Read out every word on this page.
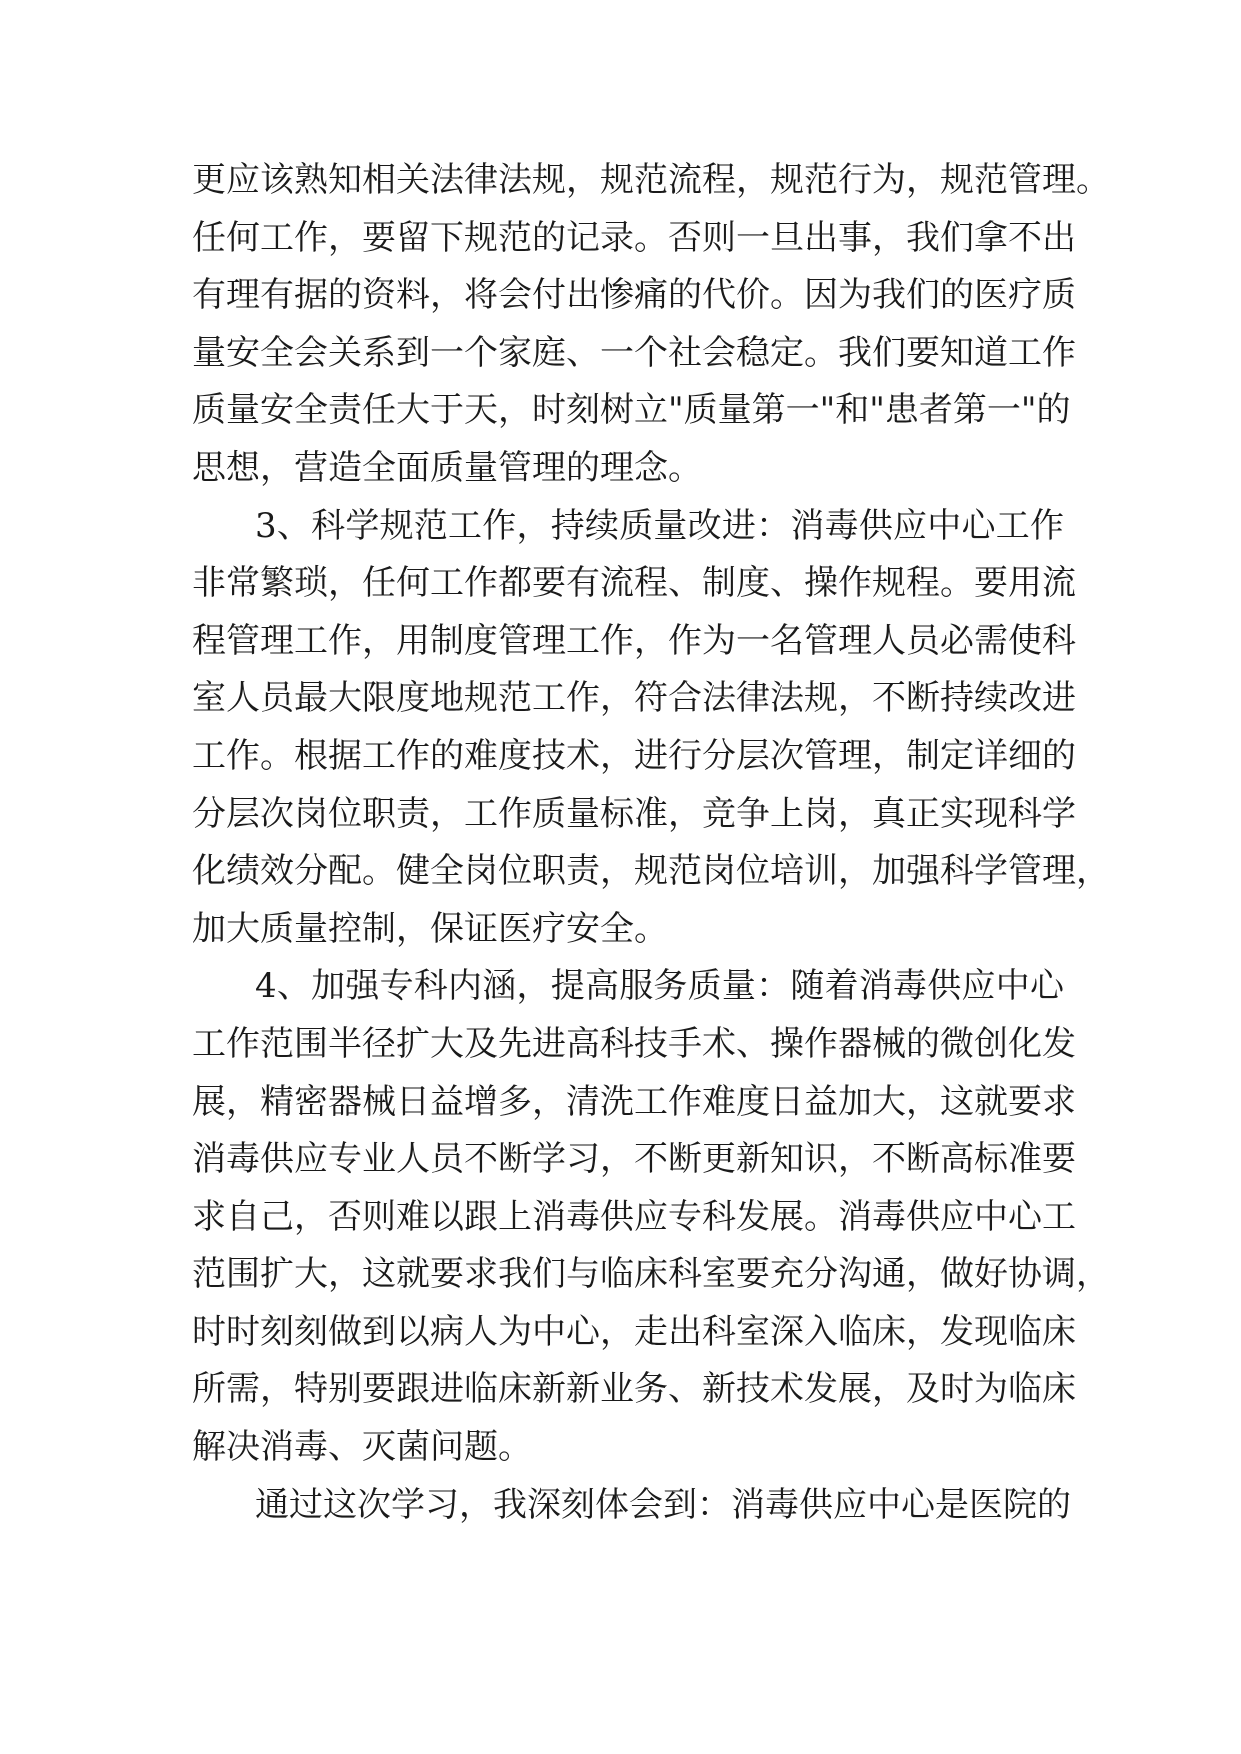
更应该熟知相关法律法规，规范流程，规范行为，规范管理。
任何工作，要留下规范的记录。否则一旦出事，我们拿不出
有理有据的资料，将会付出惨痛的代价。因为我们的医疗质
量安全会关系到一个家庭、一个社会稳定。我们要知道工作
质量安全责任大于天，时刻树立"质量第一"和"患者第一"的
思想，营造全面质量管理的理念。
3、科学规范工作，持续质量改进：消毒供应中心工作
非常繁琐，任何工作都要有流程、制度、操作规程。要用流
程管理工作，用制度管理工作，作为一名管理人员必需使科
室人员最大限度地规范工作，符合法律法规，不断持续改进
工作。根据工作的难度技术，进行分层次管理，制定详细的
分层次岗位职责，工作质量标准，竞争上岗，真正实现科学
化绩效分配。健全岗位职责，规范岗位培训，加强科学管理，
加大质量控制，保证医疗安全。
4、加强专科内涵，提高服务质量：随着消毒供应中心
工作范围半径扩大及先进高科技手术、操作器械的微创化发
展，精密器械日益增多，清洗工作难度日益加大，这就要求
消毒供应专业人员不断学习，不断更新知识，不断高标准要
求自己，否则难以跟上消毒供应专科发展。消毒供应中心工
范围扩大，这就要求我们与临床科室要充分沟通，做好协调，
时时刻刻做到以病人为中心，走出科室深入临床，发现临床
所需，特别要跟进临床新新业务、新技术发展，及时为临床
解决消毒、灭菌问题。
通过这次学习，我深刻体会到：消毒供应中心是医院的
